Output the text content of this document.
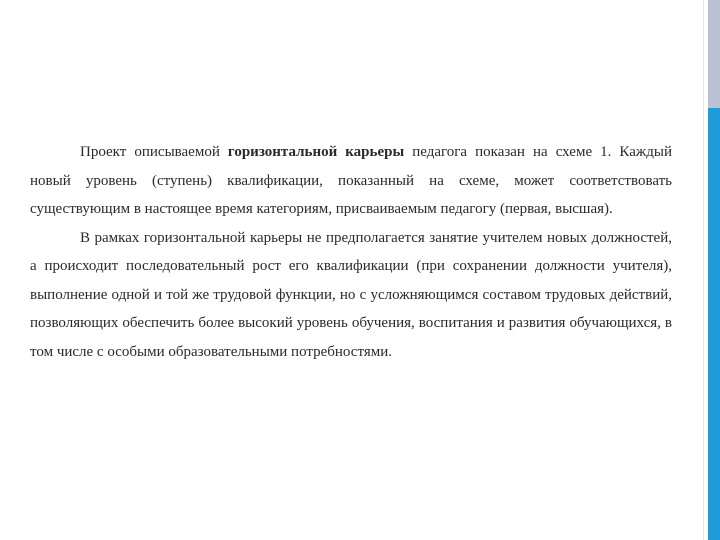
Проект описываемой горизонтальной карьеры педагога показан на схеме 1. Каждый новый уровень (ступень) квалификации, показанный на схеме, может соответствовать существующим в настоящее время категориям, присваиваемым педагогу (первая, высшая).

В рамках горизонтальной карьеры не предполагается занятие учителем новых должностей, а происходит последовательный рост его квалификации (при сохранении должности учителя), выполнение одной и той же трудовой функции, но с усложняющимся составом трудовых действий, позволяющих обеспечить более высокий уровень обучения, воспитания и развития обучающихся, в том числе с особыми образовательными потребностями.
